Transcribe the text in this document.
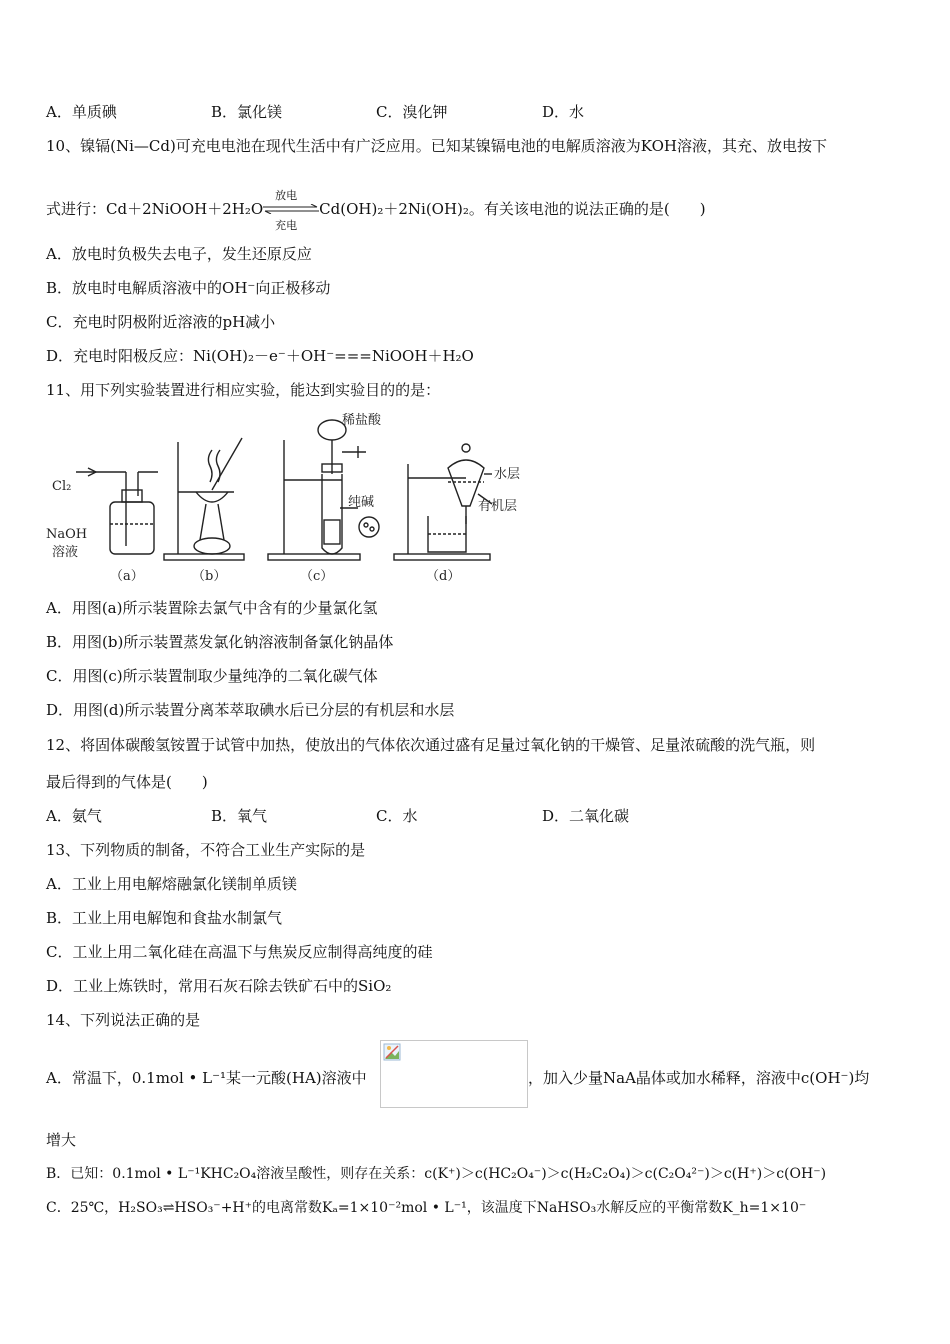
A．单质碘	B．氯化镁	C．溴化钾	D．水
10、镍镉(Ni—Cd)可充电电池在现代生活中有广泛应用。已知某镍镉电池的电解质溶液为KOH溶液，其充、放电按下
式进行：Cd＋2NiOOH＋2H₂O
放电
充电
Cd(OH)₂＋2Ni(OH)₂。有关该电池的说法正确的是(　　)
A．放电时负极失去电子，发生还原反应
B．放电时电解质溶液中的OH⁻向正极移动
C．充电时阴极附近溶液的pH减小
D．充电时阳极反应：Ni(OH)₂－e⁻＋OH⁻===NiOOH＋H₂O
11、用下列实验装置进行相应实验，能达到实验目的的是：
Cl₂
NaOH
溶液
（a）	（b）
稀盐酸
纯碱
（c）
水层
有机层
（d）
A．用图(a)所示装置除去氯气中含有的少量氯化氢
B．用图(b)所示装置蒸发氯化钠溶液制备氯化钠晶体
C．用图(c)所示装置制取少量纯净的二氧化碳气体
D．用图(d)所示装置分离苯萃取碘水后已分层的有机层和水层
12、将固体碳酸氢铵置于试管中加热，使放出的气体依次通过盛有足量过氧化钠的干燥管、足量浓硫酸的洗气瓶，则
最后得到的气体是(　　)
A．氨气	B．氧气	C．水	D．二氧化碳
13、下列物质的制备，不符合工业生产实际的是
A．工业上用电解熔融氯化镁制单质镁
B．工业上用电解饱和食盐水制氯气
C．工业上用二氧化硅在高温下与焦炭反应制得高纯度的硅
D．工业上炼铁时，常用石灰石除去铁矿石中的SiO₂
14、下列说法正确的是
A．常温下，0.1mol • L⁻¹某一元酸(HA)溶液中	，加入少量NaA晶体或加水稀释，溶液中c(OH⁻)均
增大
B．已知：0.1mol • L⁻¹KHC₂O₄溶液呈酸性，则存在关系：c(K⁺)＞c(HC₂O₄⁻)＞c(H₂C₂O₄)＞c(C₂O₄²⁻)＞c(H⁺)＞c(OH⁻)
C．25℃，H₂SO₃⇌HSO₃⁻+H⁺的电离常数Kₐ=1×10⁻²mol • L⁻¹，该温度下NaHSO₃水解反应的平衡常数K_h=1×10⁻
